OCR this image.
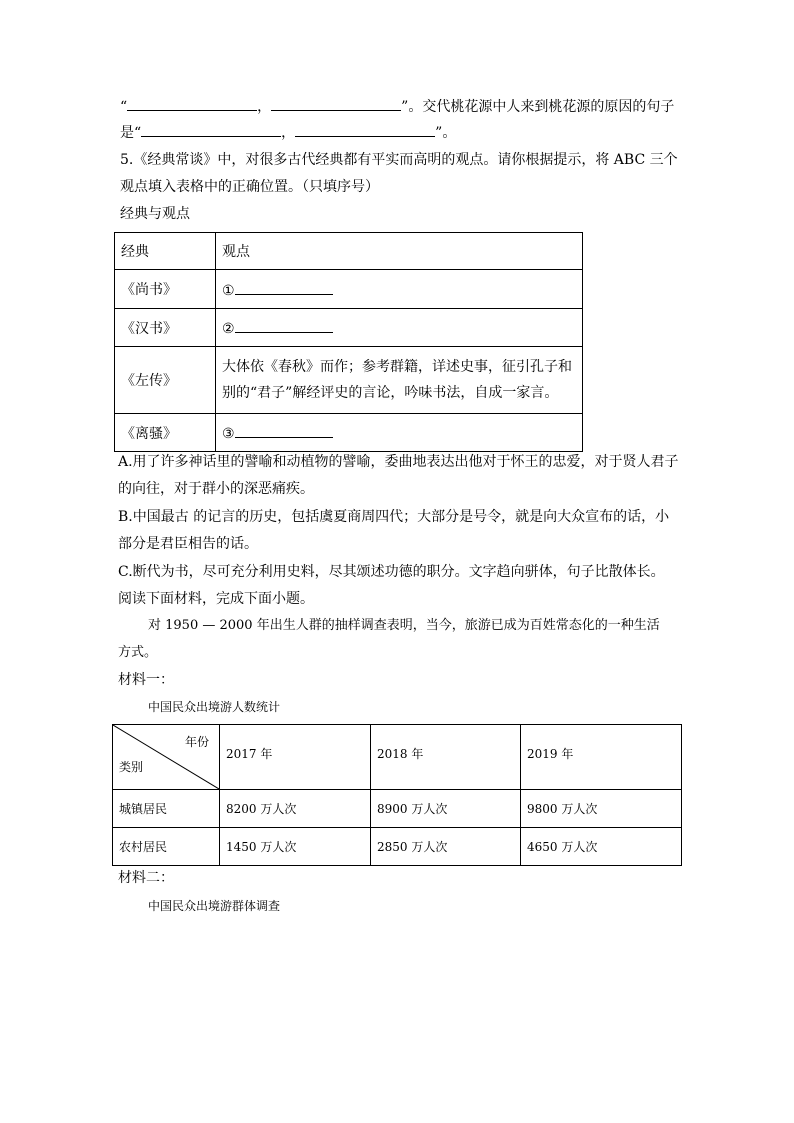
“	，	”。交代桃花源中人来到桃花源的原因的句子
是“	，	”。
5.《经典常谈》中，对很多古代经典都有平实而高明的观点。请你根据提示，将 ABC 三个
观点填入表格中的正确位置。（只填序号）
经典与观点
经典	观点
《尚书》	①
《汉书》	②
《左传》	大体依《春秋》而作；参考群籍，详述史事，征引孔子和
别的“君子”解经评史的言论，吟味书法，自成一家言。

《离骚》	③
A.用了许多神话里的譬喻和动植物的譬喻，委曲地表达出他对于怀王的忠爱，对于贤人君子
的向往，对于群小的深恶痛疾。
B.中国最古 的记言的历史，包括虞夏商周四代；大部分是号令，就是向大众宣布的话，小
部分是君臣相告的话。
C.断代为书，尽可充分利用史料，尽其颂述功德的职分。文字趋向骈体，句子比散体长。
阅读下面材料，完成下面小题。
对 1950 — 2000 年出生人群的抽样调查表明，当今，旅游已成为百姓常态化的一种生活
方式。
材料一：
中国民众出境游人数统计
年份
类别	2017 年	2018 年	2019 年
城镇居民	8200 万人次	8900 万人次	9800 万人次
农村居民	1450 万人次	2850 万人次	4650 万人次
材料二：
中国民众出境游群体调查
